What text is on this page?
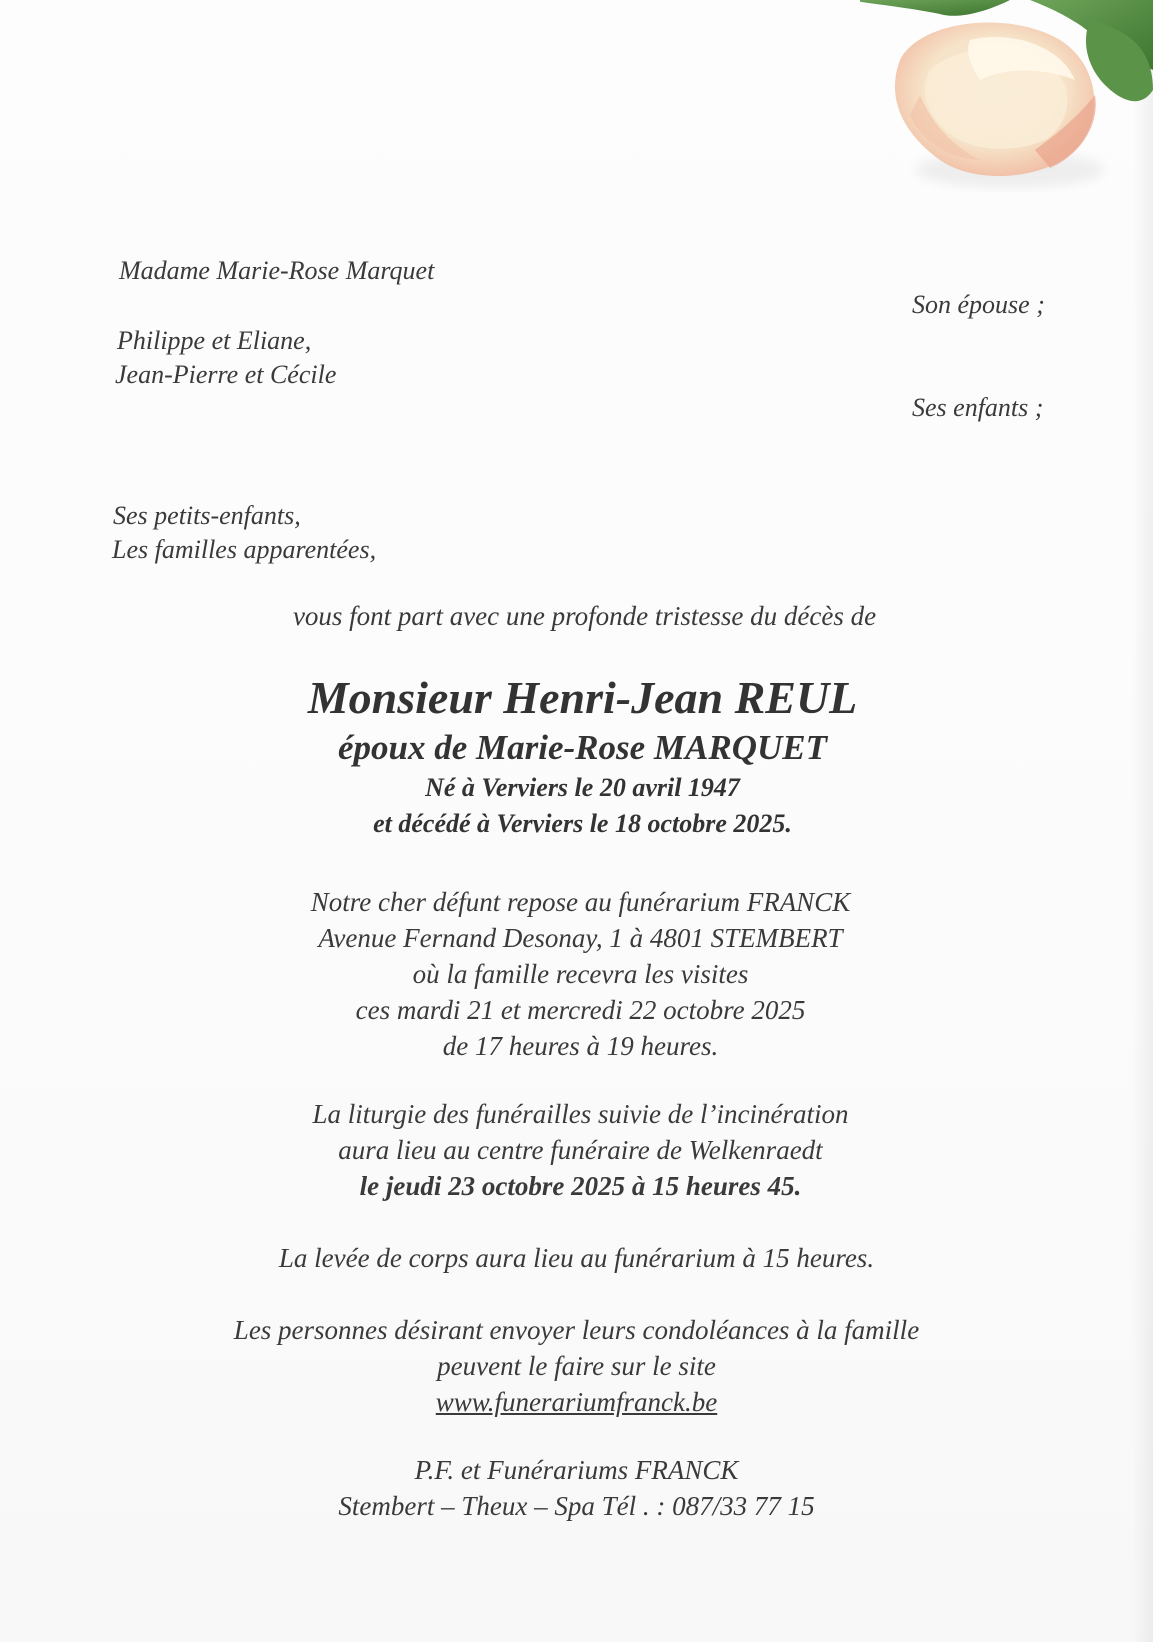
Madame Marie-Rose Marquet
Son épouse ;
Philippe et Eliane,
Jean-Pierre et Cécile
Ses enfants ;
Ses petits-enfants,
Les familles apparentées,
vous font part avec une profonde tristesse du décès de
Monsieur Henri-Jean REUL
époux de Marie-Rose MARQUET
Né à Verviers le 20 avril 1947
et décédé à Verviers le 18 octobre 2025.
Notre cher défunt repose au funérarium FRANCK
Avenue Fernand Desonay, 1 à 4801 STEMBERT
où la famille recevra les visites
ces mardi 21 et mercredi 22 octobre 2025
de 17 heures à 19 heures.
La liturgie des funérailles suivie de l’incinération
aura lieu au centre funéraire de Welkenraedt
le jeudi 23 octobre 2025 à 15 heures 45.
La levée de corps aura lieu au funérarium à 15 heures.
Les personnes désirant envoyer leurs condoléances à la famille
peuvent le faire sur le site
www.funerariumfranck.be
P.F. et Funérariums FRANCK
Stembert – Theux – Spa Tél . : 087/33 77 15
